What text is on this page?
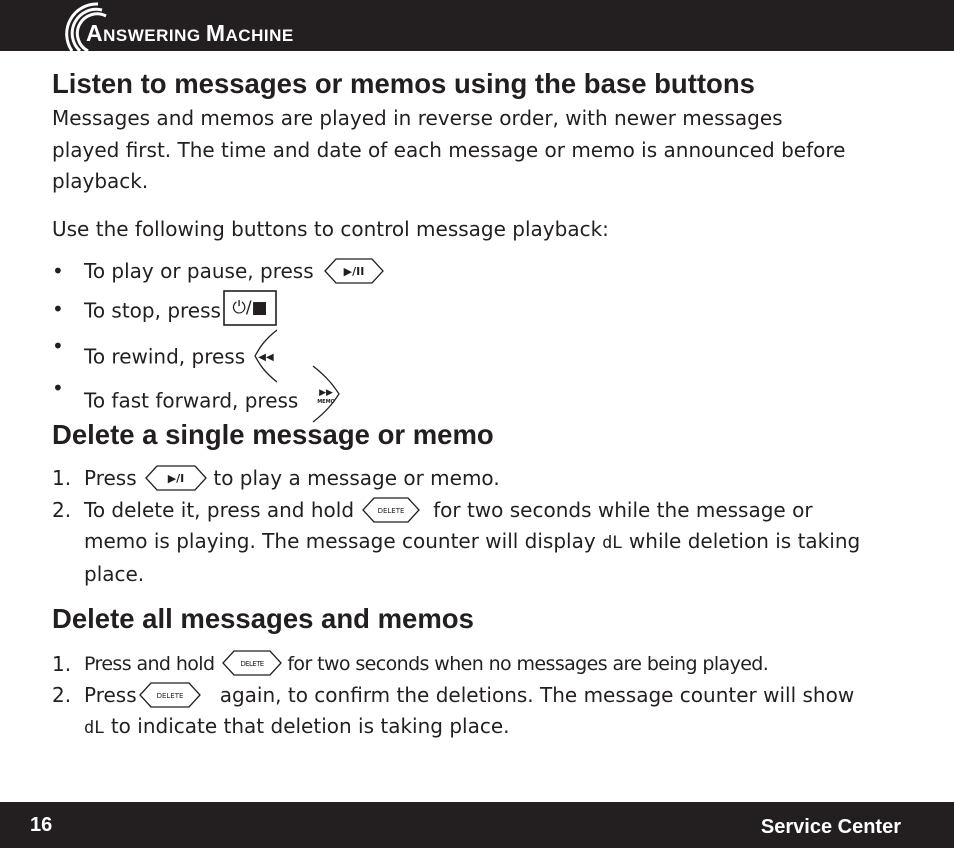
ANSWERING MACHINE
Listen to messages or memos using the base buttons

Messages and memos are played in reverse order, with newer messages

played first. The time and date of each message or memo is announced before

playback.

Use the following buttons to control message playback:

• To play or pause, press	▶/II
• To stop, press ⏻/■
• To rewind, press ◀◀
•
To fast forward, press ▶▶
MEMO
Delete a single message or memo
1. Press	▶/I to play a message or memo.
2. To delete it, press and hold	DELETE for two seconds while the message or
memo is playing. The message counter will display dL while deletion is taking
place.
Delete all messages and memos
1. Press and hold	DELETE for two seconds when no messages are being played.
2. Press	DELETE again, to confirm the deletions. The message counter will show
dL to indicate that deletion is taking place.
16	Service Center
